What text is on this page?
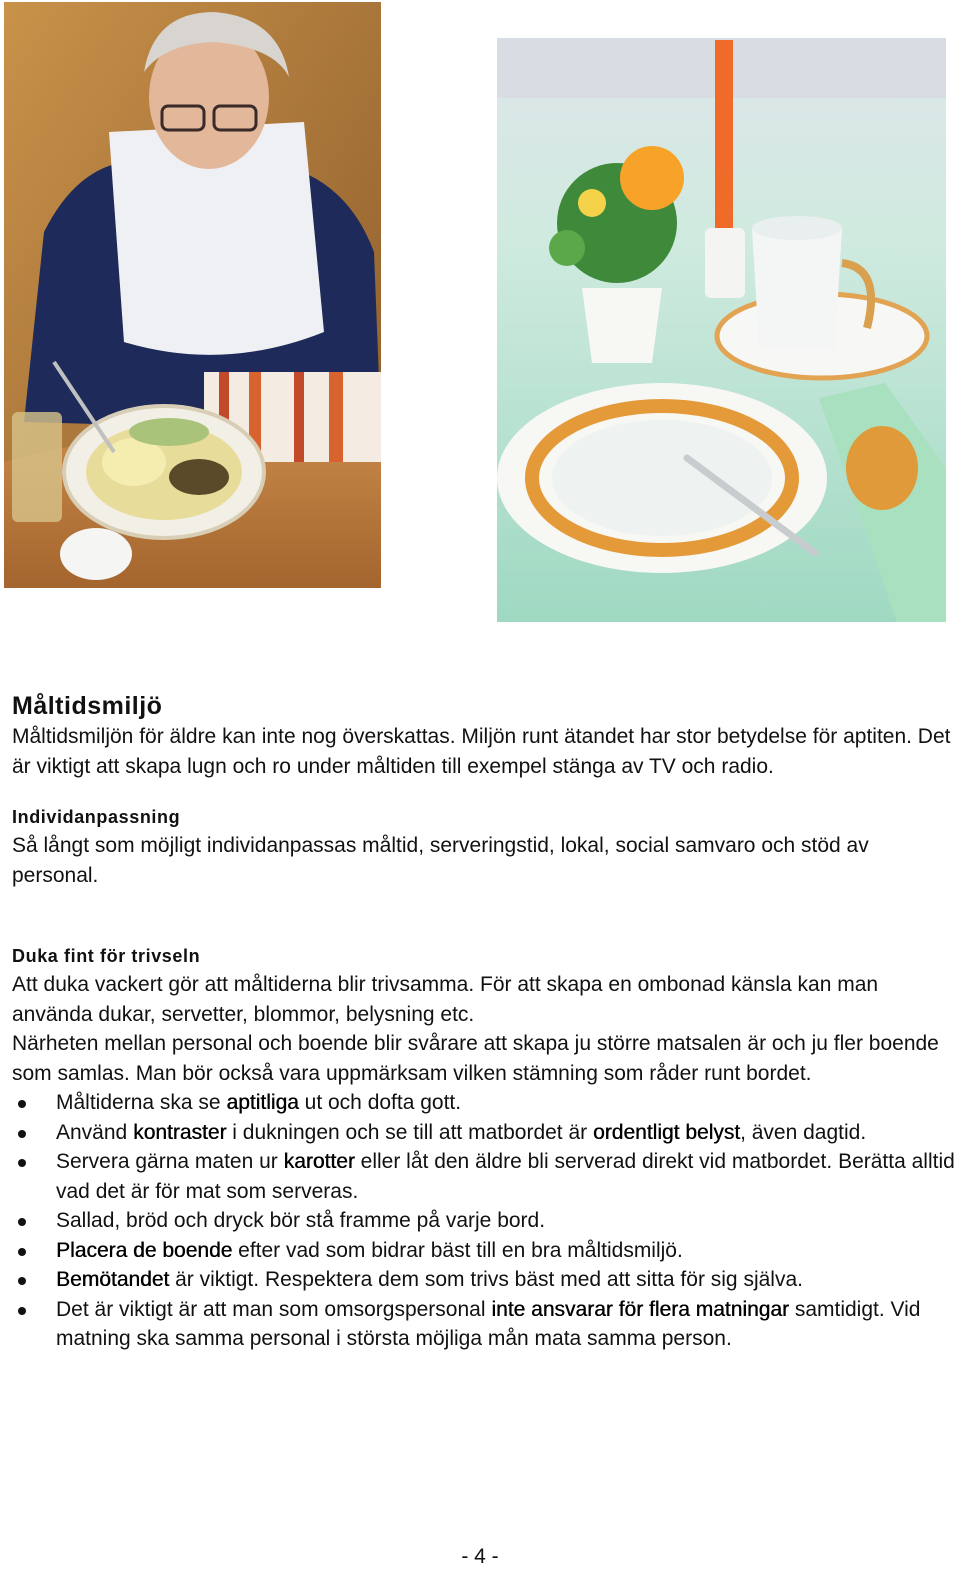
Måltidsmiljö

Måltidsmiljön för äldre kan inte nog överskattas. Miljön runt ätandet har stor betydelse för aptiten. Det är viktigt att skapa lugn och ro under måltiden till exempel stänga av TV och radio.

Individanpassning

Så långt som möjligt individanpassas måltid, serveringstid, lokal, social samvaro och stöd av personal.

Duka fint för trivseln

Att duka vackert gör att måltiderna blir trivsamma. För att skapa en ombonad känsla kan man använda dukar, servetter, blommor, belysning etc.

Närheten mellan personal och boende blir svårare att skapa ju större matsalen är och ju fler boende som samlas. Man bör också vara uppmärksam vilken stämning som råder runt bordet.

Måltiderna ska se aptitliga ut och dofta gott.
Använd kontraster i dukningen och se till att matbordet är ordentligt belyst, även dagtid.
Servera gärna maten ur karotter eller låt den äldre bli serverad direkt vid matbordet. Berätta alltid vad det är för mat som serveras.
Sallad, bröd och dryck bör stå framme på varje bord.
Placera de boende efter vad som bidrar bäst till en bra måltidsmiljö.
Bemötandet är viktigt. Respektera dem som trivs bäst med att sitta för sig själva.
Det är viktigt är att man som omsorgspersonal inte ansvarar för flera matningar samtidigt. Vid matning ska samma personal i största möjliga mån mata samma person.
- 4 -
